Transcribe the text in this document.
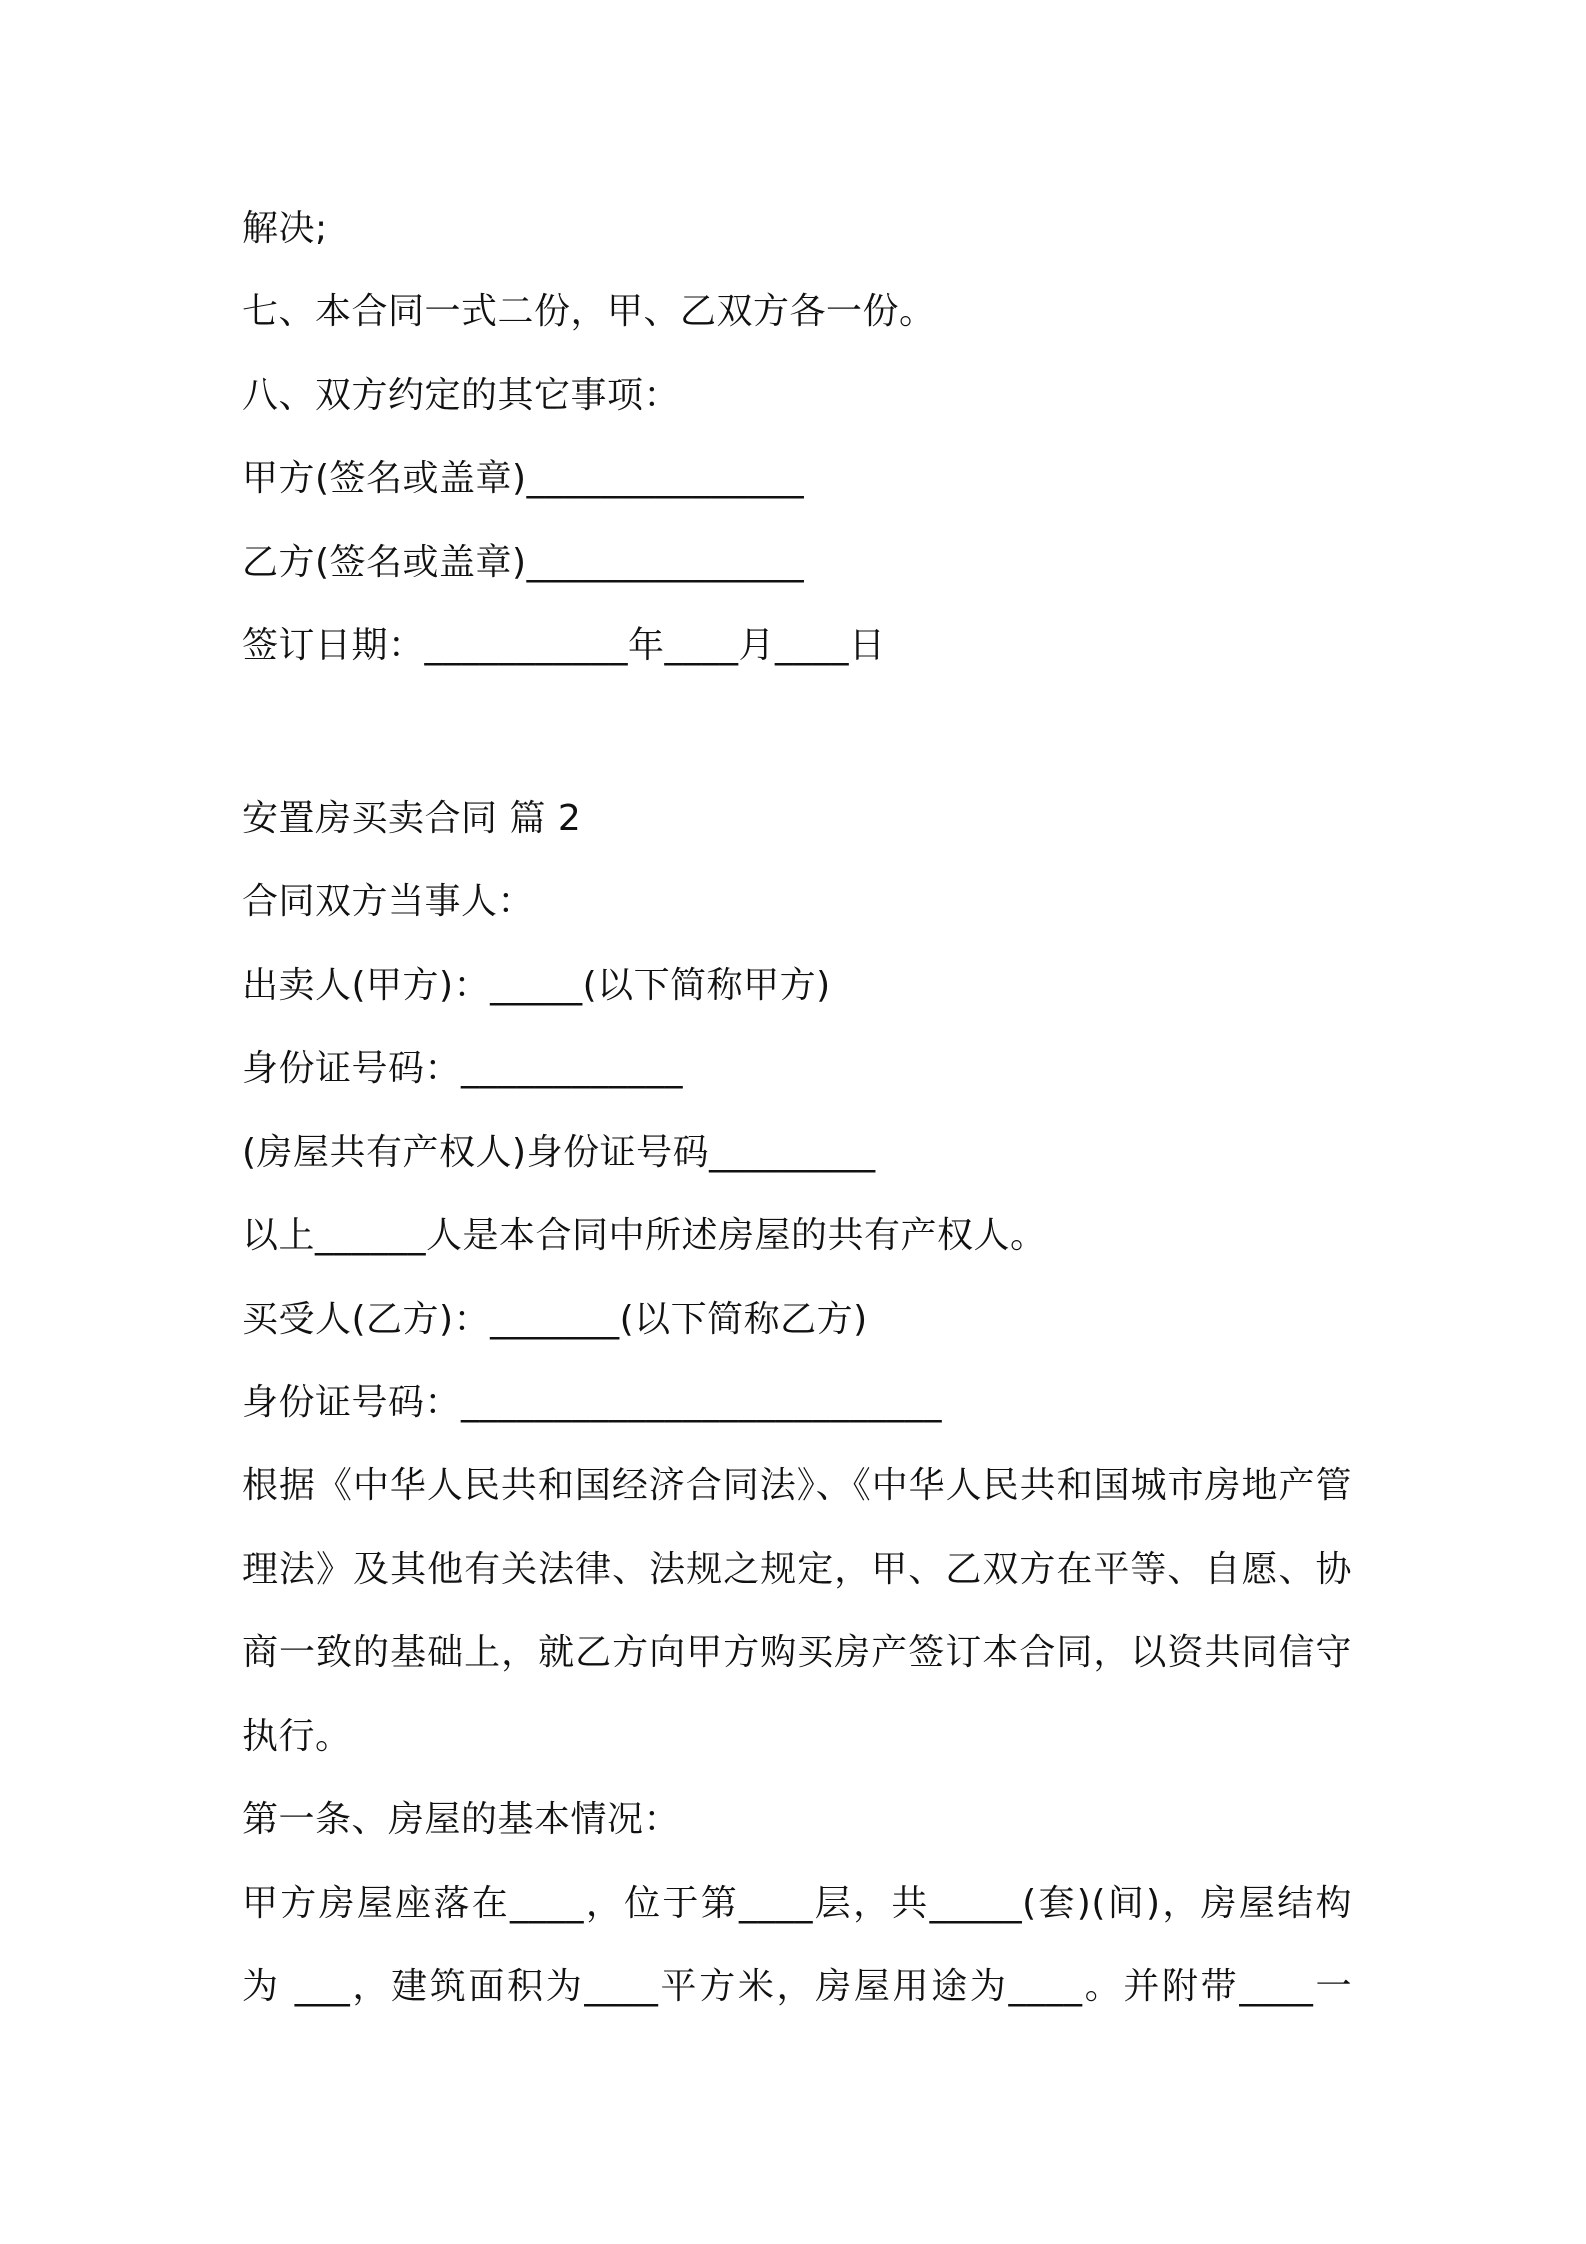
解决;
七、本合同一式二份，甲、乙双方各一份。
八、双方约定的其它事项：
甲方(签名或盖章)_______________
乙方(签名或盖章)_______________
签订日期：___________年____月____日
安置房买卖合同 篇 2
合同双方当事人：
出卖人(甲方)：_____(以下简称甲方)
身份证号码：____________
(房屋共有产权人)身份证号码_________
以上______人是本合同中所述房屋的共有产权人。
买受人(乙方)：_______(以下简称乙方)
身份证号码：__________________________
根据《中华人民共和国经济合同法》、《中华人民共和国城市房地产管
理法》及其他有关法律、法规之规定，甲、乙双方在平等、自愿、协
商一致的基础上，就乙方向甲方购买房产签订本合同，以资共同信守
执行。
第一条、房屋的基本情况：
甲方房屋座落在____，位于第____层，共_____(套)(间)，房屋结构
为 ___，建筑面积为____平方米，房屋用途为____。并附带____一
